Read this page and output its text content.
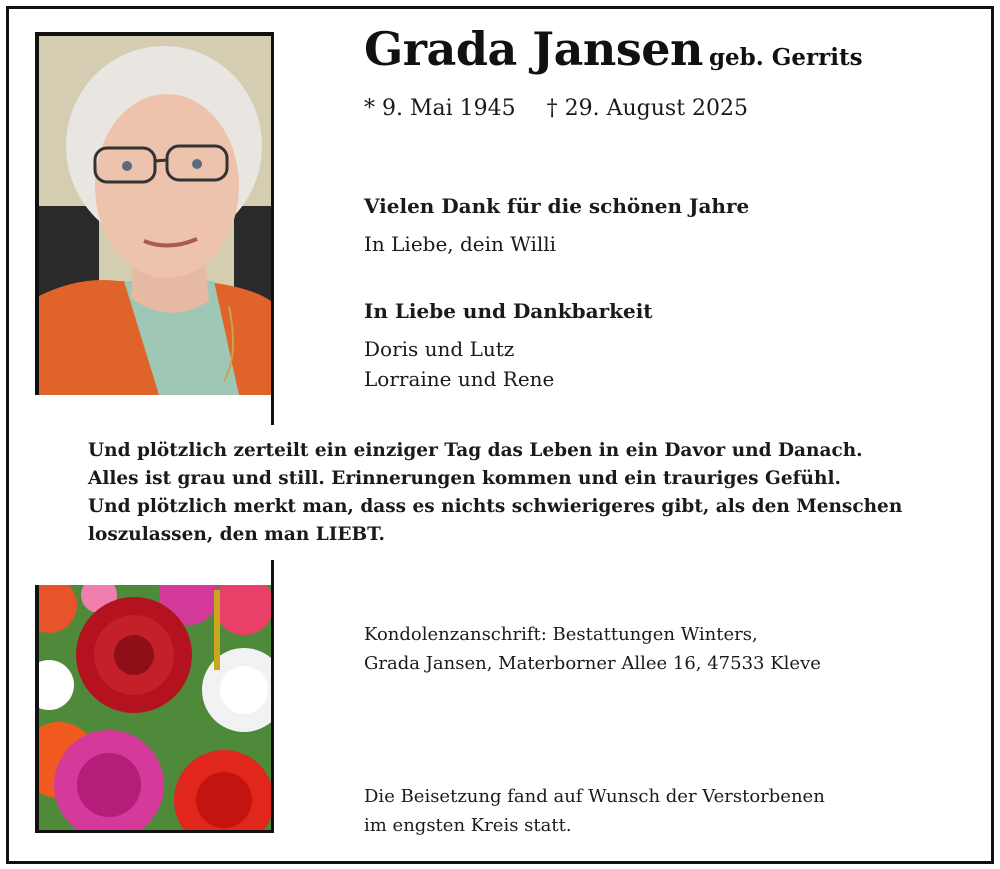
Grada Jansen geb. Gerrits
* 9. Mai 1945 † 29. August 2025
Vielen Dank für die schönen Jahre
In Liebe, dein Willi
In Liebe und Dankbarkeit
Doris und Lutz
Lorraine und Rene
Und plötzlich zerteilt ein einziger Tag das Leben in ein Davor und Danach.
Alles ist grau und still. Erinnerungen kommen und ein trauriges Gefühl.
Und plötzlich merkt man, dass es nichts schwierigeres gibt, als den Menschen
loszulassen, den man LIEBT.
Kondolenzanschrift: Bestattungen Winters,
Grada Jansen, Materborner Allee 16, 47533 Kleve
Die Beisetzung fand auf Wunsch der Verstorbenen
im engsten Kreis statt.
